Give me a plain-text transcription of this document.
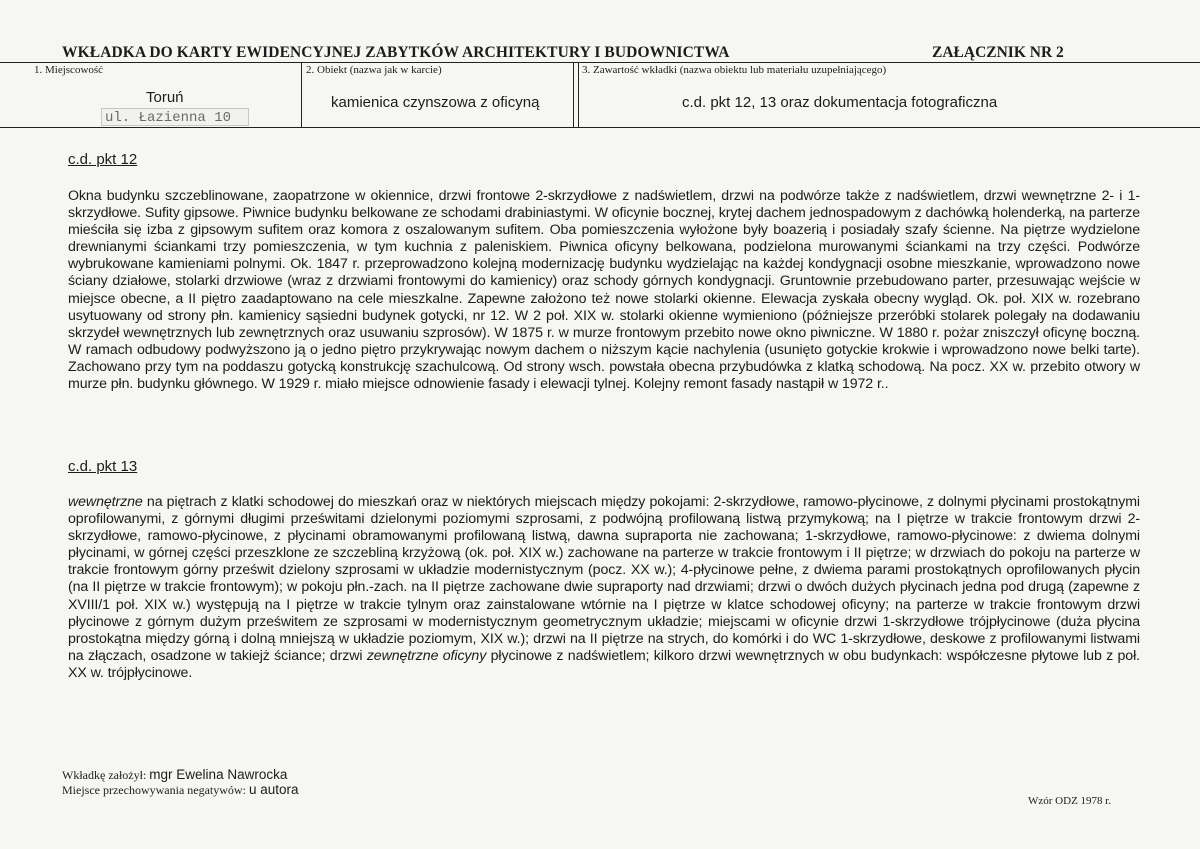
WKŁADKA DO KARTY EWIDENCYJNEJ ZABYTKÓW ARCHITEKTURY I BUDOWNICTWA	ZAŁĄCZNIK NR 2
1. Miejscowość
Toruń
ul. Łazienna 10
2. Obiekt (nazwa jak w karcie)
kamienica czynszowa z oficyną
3. Zawartość wkładki (nazwa obiektu lub materiału uzupełniającego)
c.d. pkt 12, 13 oraz dokumentacja fotograficzna
c.d. pkt 12
Okna budynku szczeblinowane, zaopatrzone w okiennice, drzwi frontowe 2-skrzydłowe z nadświetlem, drzwi na podwórze także z nadświetlem, drzwi wewnętrzne 2- i 1-skrzydłowe. Sufity gipsowe. Piwnice budynku belkowane ze schodami drabiniastymi. W oficynie bocznej, krytej dachem jednospadowym z dachówką holenderką, na parterze mieściła się izba z gipsowym sufitem oraz komora z oszalowanym sufitem. Oba pomieszczenia wyłożone były boazerią i posiadały szafy ścienne. Na piętrze wydzielone drewnianymi ściankami trzy pomieszczenia, w tym kuchnia z paleniskiem. Piwnica oficyny belkowana, podzielona murowanymi ściankami na trzy części. Podwórze wybrukowane kamieniami polnymi. Ok. 1847 r. przeprowadzono kolejną modernizację budynku wydzielając na każdej kondygnacji osobne mieszkanie, wprowadzono nowe ściany działowe, stolarki drzwiowe (wraz z drzwiami frontowymi do kamienicy) oraz schody górnych kondygnacji. Gruntownie przebudowano parter, przesuwając wejście w miejsce obecne, a II piętro zaadaptowano na cele mieszkalne. Zapewne założono też nowe stolarki okienne. Elewacja zyskała obecny wygląd. Ok. poł. XIX w. rozebrano usytuowany od strony płn. kamienicy sąsiedni budynek gotycki, nr 12. W 2 poł. XIX w. stolarki okienne wymieniono (późniejsze przeróbki stolarek polegały na dodawaniu skrzydeł wewnętrznych lub zewnętrznych oraz usuwaniu szprosów). W 1875 r. w murze frontowym przebito nowe okno piwniczne. W 1880 r. pożar zniszczył oficynę boczną. W ramach odbudowy podwyższono ją o jedno piętro przykrywając nowym dachem o niższym kącie nachylenia (usunięto gotyckie krokwie i wprowadzono nowe belki tarte). Zachowano przy tym na poddaszu gotycką konstrukcję szachulcową. Od strony wsch. powstała obecna przybudówka z klatką schodową. Na pocz. XX w. przebito otwory w murze płn. budynku głównego. W 1929 r. miało miejsce odnowienie fasady i elewacji tylnej. Kolejny remont fasady nastąpił w 1972 r..
c.d. pkt 13
wewnętrzne na piętrach z klatki schodowej do mieszkań oraz w niektórych miejscach między pokojami: 2-skrzydłowe, ramowo-płycinowe, z dolnymi płycinami prostokątnymi oprofilowanymi, z górnymi długimi prześwitami dzielonymi poziomymi szprosami, z podwójną profilowaną listwą przymykową; na I piętrze w trakcie frontowym drzwi 2-skrzydłowe, ramowo-płycinowe, z płycinami obramowanymi profilowaną listwą, dawna supraporta nie zachowana; 1-skrzydłowe, ramowo-płycinowe: z dwiema dolnymi płycinami, w górnej części przeszklone ze szczebliną krzyżową (ok. poł. XIX w.) zachowane na parterze w trakcie frontowym i II piętrze; w drzwiach do pokoju na parterze w trakcie frontowym górny prześwit dzielony szprosami w układzie modernistycznym (pocz. XX w.); 4-płycinowe pełne, z dwiema parami prostokątnych oprofilowanych płycin (na II piętrze w trakcie frontowym); w pokoju płn.-zach. na II piętrze zachowane dwie supraporty nad drzwiami; drzwi o dwóch dużych płycinach jedna pod drugą (zapewne z XVIII/1 poł. XIX w.) występują na I piętrze w trakcie tylnym oraz zainstalowane wtórnie na I piętrze w klatce schodowej oficyny; na parterze w trakcie frontowym drzwi płycinowe z górnym dużym prześwitem ze szprosami w modernistycznym geometrycznym układzie; miejscami w oficynie drzwi 1-skrzydłowe trójpłycinowe (duża płycina prostokątna między górną i dolną mniejszą w układzie poziomym, XIX w.); drzwi na II piętrze na strych, do komórki i do WC 1-skrzydłowe, deskowe z profilowanymi listwami na złączach, osadzone w takiejż ściance; drzwi zewnętrzne oficyny płycinowe z nadświetlem; kilkoro drzwi wewnętrznych w obu budynkach: współczesne płytowe lub z poł. XX w. trójpłycinowe.
Wkładkę założył: mgr Ewelina Nawrocka
Miejsce przechowywania negatywów: u autora
Wzór ODZ 1978 r.
